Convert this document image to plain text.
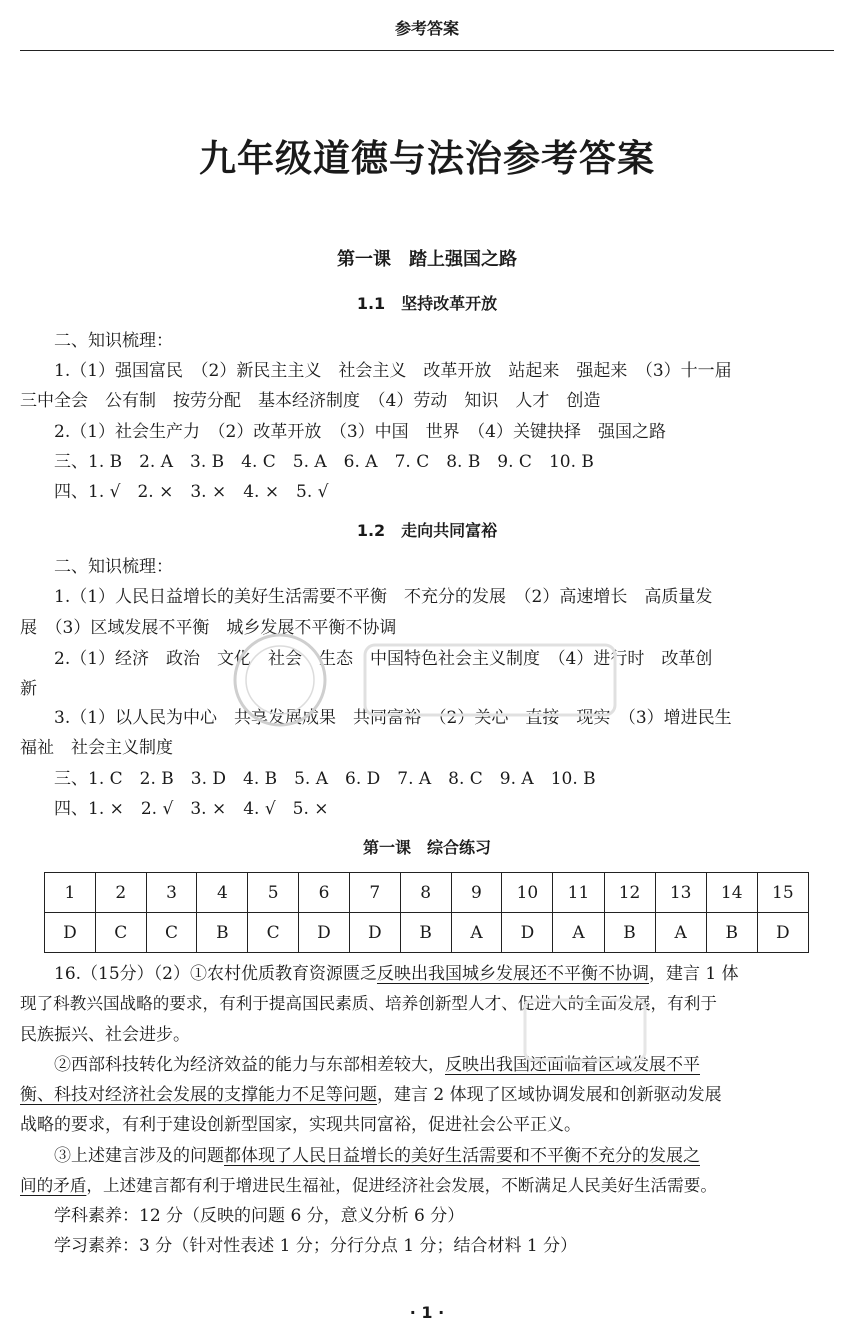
参考答案
九年级道德与法治参考答案
第一课　踏上强国之路
1.1　坚持改革开放
二、知识梳理：
1.（1）强国富民　（2）新民主主义　社会主义　改革开放　站起来　强起来　（3）十一届
三中全会　公有制　按劳分配　基本经济制度　（4）劳动　知识　人才　创造
2.（1）社会生产力　（2）改革开放　（3）中国　世界　（4）关键抉择　强国之路
三、1. B　2. A　3. B　4. C　5. A　6. A　7. C　8. B　9. C　10. B
四、1. √　2. ×　3. ×　4. ×　5. √
1.2　走向共同富裕
二、知识梳理：
1.（1）人民日益增长的美好生活需要不平衡　不充分的发展　（2）高速增长　高质量发
展　（3）区域发展不平衡　城乡发展不平衡不协调
2.（1）经济　政治　文化　社会　生态　中国特色社会主义制度　（4）进行时　改革创
新
3.（1）以人民为中心　共享发展成果　共同富裕　（2）关心　直接　现实　（3）增进民生
福祉　社会主义制度
三、1. C　2. B　3. D　4. B　5. A　6. D　7. A　8. C　9. A　10. B
四、1. ×　2. √　3. ×　4. √　5. ×
第一课　综合练习
1	2	3	4	5	6	7	8	9	10	11	12	13	14	15
D	C	C	B	C	D	D	B	A	D	A	B	A	B	D
16.（15分）（2）①农村优质教育资源匮乏反映出我国城乡发展还不平衡不协调，建言 1 体
现了科教兴国战略的要求，有利于提高国民素质、培养创新型人才、促进人的全面发展，有利于
民族振兴、社会进步。
②西部科技转化为经济效益的能力与东部相差较大，反映出我国还面临着区域发展不平
衡、科技对经济社会发展的支撑能力不足等问题，建言 2 体现了区域协调发展和创新驱动发展
战略的要求，有利于建设创新型国家，实现共同富裕，促进社会公平正义。
③上述建言涉及的问题都体现了人民日益增长的美好生活需要和不平衡不充分的发展之
间的矛盾，上述建言都有利于增进民生福祉，促进经济社会发展，不断满足人民美好生活需要。
学科素养：12 分（反映的问题 6 分，意义分析 6 分）
学习素养：3 分（针对性表述 1 分；分行分点 1 分；结合材料 1 分）
· 1 ·
